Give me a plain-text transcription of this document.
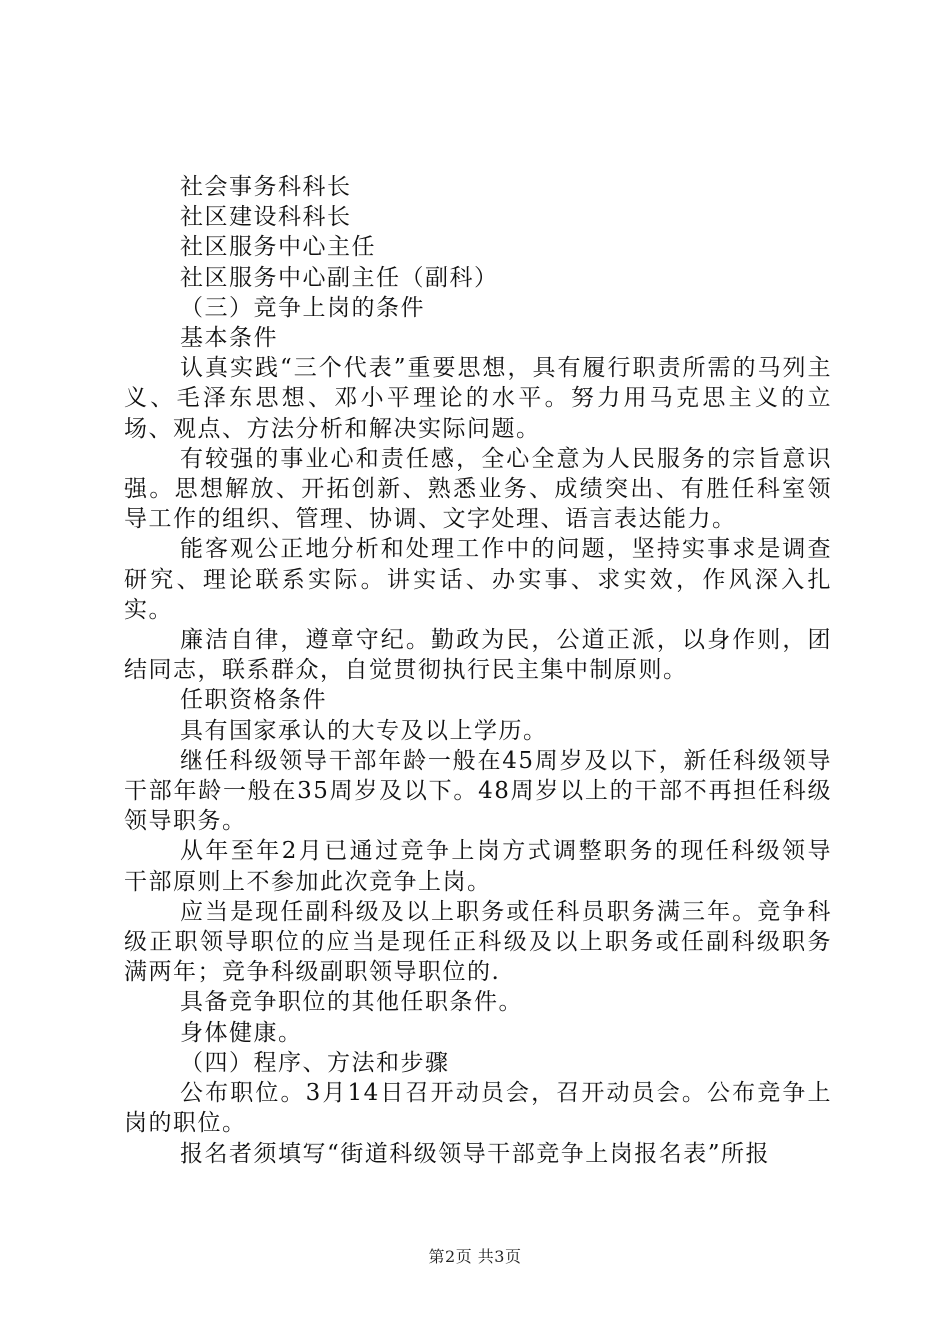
社会事务科科长

社区建设科科长

社区服务中心主任

社区服务中心副主任（副科）

（三）竞争上岗的条件

基本条件

认真实践“三个代表”重要思想，具有履行职责所需的马列主义、毛泽东思想、邓小平理论的水平。努力用马克思主义的立场、观点、方法分析和解决实际问题。

有较强的事业心和责任感，全心全意为人民服务的宗旨意识强。思想解放、开拓创新、熟悉业务、成绩突出、有胜任科室领导工作的组织、管理、协调、文字处理、语言表达能力。

能客观公正地分析和处理工作中的问题，坚持实事求是调查研究、理论联系实际。讲实话、办实事、求实效，作风深入扎实。

廉洁自律，遵章守纪。勤政为民，公道正派，以身作则，团结同志，联系群众，自觉贯彻执行民主集中制原则。

任职资格条件

具有国家承认的大专及以上学历。

继任科级领导干部年龄一般在45周岁及以下，新任科级领导干部年龄一般在35周岁及以下。48周岁以上的干部不再担任科级领导职务。

从年至年2月已通过竞争上岗方式调整职务的现任科级领导干部原则上不参加此次竞争上岗。

应当是现任副科级及以上职务或任科员职务满三年。竞争科级正职领导职位的应当是现任正科级及以上职务或任副科级职务满两年；竞争科级副职领导职位的.

具备竞争职位的其他任职条件。

身体健康。

（四）程序、方法和步骤

公布职位。3月14日召开动员会，召开动员会。公布竞争上岗的职位。

报名者须填写“街道科级领导干部竞争上岗报名表”所报

第2页 共3页
